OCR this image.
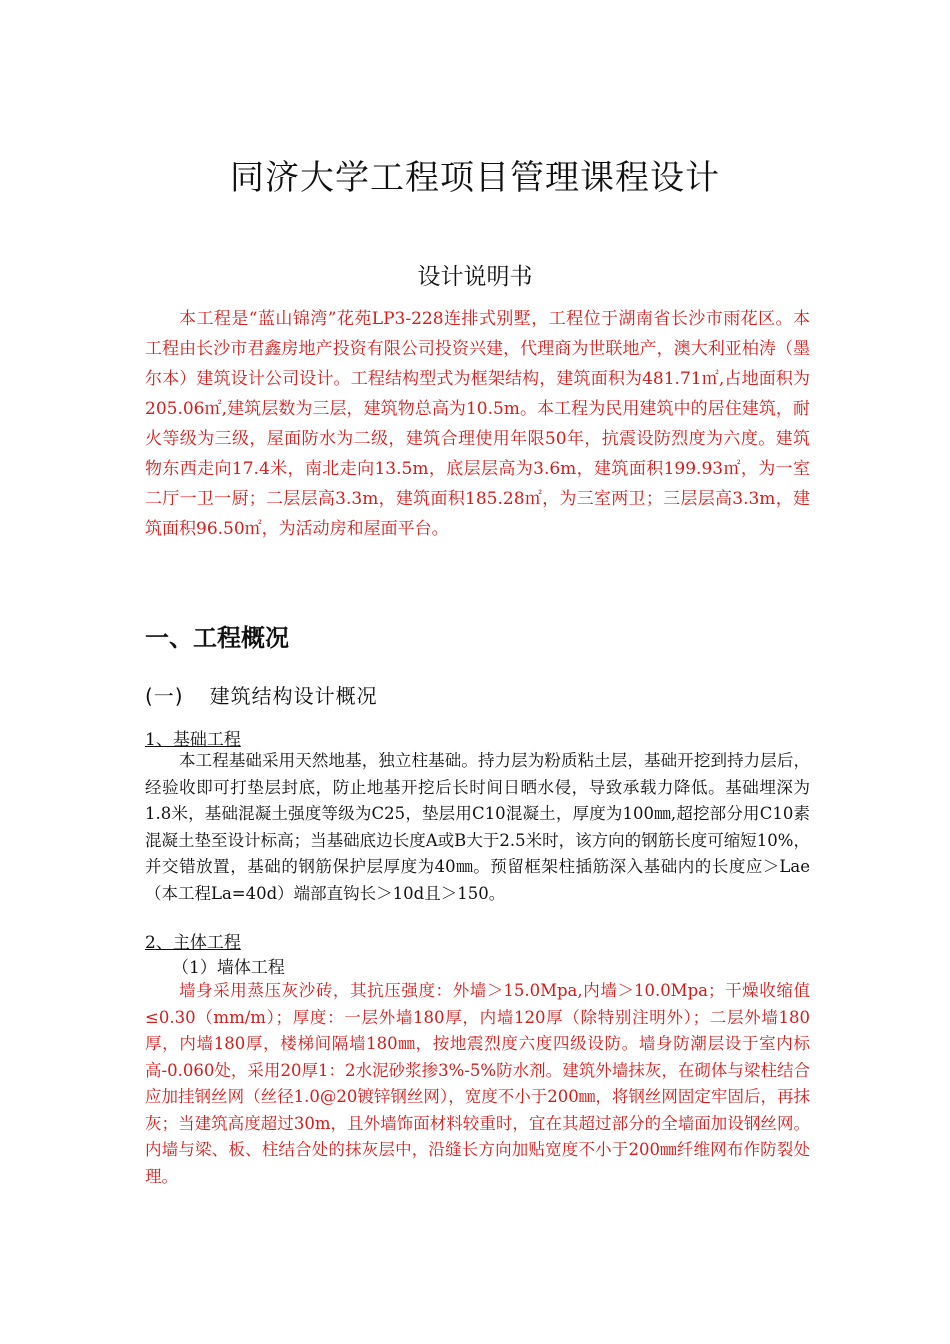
同济大学工程项目管理课程设计
设计说明书

本工程是“蓝山锦湾”花苑LP3-228连排式别墅，工程位于湖南省长沙市雨花区。本工程由长沙市君鑫房地产投资有限公司投资兴建，代理商为世联地产，澳大利亚柏涛（墨尔本）建筑设计公司设计。工程结构型式为框架结构，建筑面积为481.71㎡,占地面积为205.06㎡,建筑层数为三层，建筑物总高为10.5m。本工程为民用建筑中的居住建筑，耐火等级为三级，屋面防水为二级，建筑合理使用年限50年，抗震设防烈度为六度。建筑物东西走向17.4米，南北走向13.5m，底层层高为3.6m，建筑面积199.93㎡，为一室二厅一卫一厨；二层层高3.3m，建筑面积185.28㎡，为三室两卫；三层层高3.3m，建筑面积96.50㎡，为活动房和屋面平台。

一、工程概况
(一) 建筑结构设计概况
1、基础工程

本工程基础采用天然地基，独立柱基础。持力层为粉质粘土层，基础开挖到持力层后，经验收即可打垫层封底，防止地基开挖后长时间日晒水侵，导致承载力降低。基础埋深为1.8米，基础混凝土强度等级为C25，垫层用C10混凝土，厚度为100㎜,超挖部分用C10素混凝土垫至设计标高；当基础底边长度A或B大于2.5米时，该方向的钢筋长度可缩短10%，并交错放置，基础的钢筋保护层厚度为40㎜。预留框架柱插筋深入基础内的长度应＞Lae（本工程La=40d）端部直钩长＞10d且＞150。

2、主体工程
（1）墙体工程

墙身采用蒸压灰沙砖，其抗压强度：外墙＞15.0Mpa,内墙＞10.0Mpa；干燥收缩值≤0.30（mm/m）；厚度：一层外墙180厚，内墙120厚（除特别注明外）；二层外墙180厚，内墙180厚，楼梯间隔墙180㎜，按地震烈度六度四级设防。墙身防潮层设于室内标高-0.060处，采用20厚1：2水泥砂浆掺3%-5%防水剂。建筑外墙抹灰，在砌体与梁柱结合应加挂钢丝网（丝径1.0@20镀锌钢丝网），宽度不小于200㎜，将钢丝网固定牢固后，再抹灰；当建筑高度超过30m，且外墙饰面材料较重时，宜在其超过部分的全墙面加设钢丝网。内墙与梁、板、柱结合处的抹灰层中，沿缝长方向加贴宽度不小于200㎜纤维网布作防裂处理。
